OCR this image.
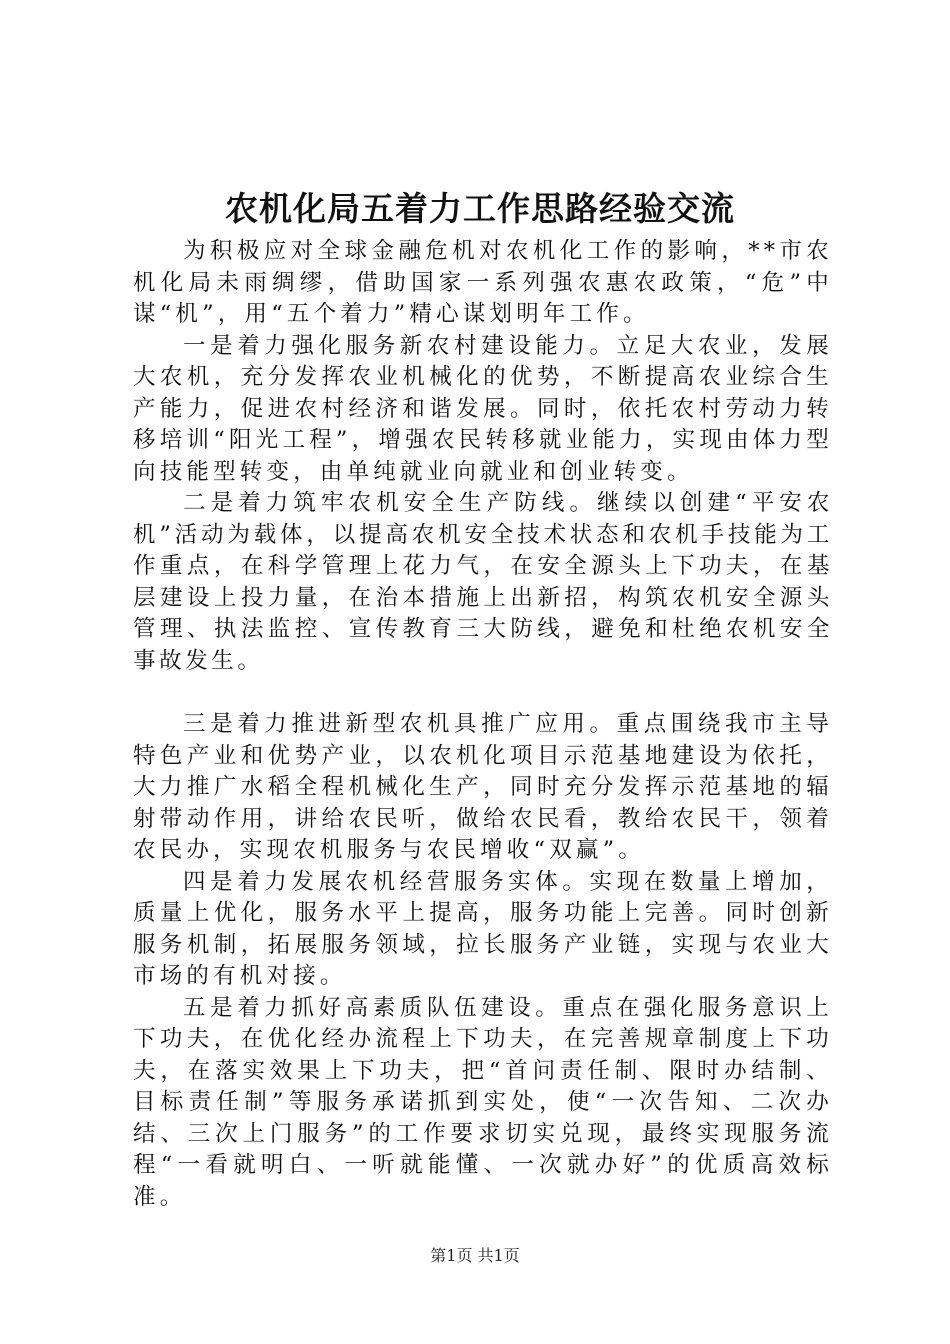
农机化局五着力工作思路经验交流

为积极应对全球金融危机对农机化工作的影响，**市农机化局未雨绸缪，借助国家一系列强农惠农政策，“危”中谋“机”，用“五个着力”精心谋划明年工作。

一是着力强化服务新农村建设能力。立足大农业，发展大农机，充分发挥农业机械化的优势，不断提高农业综合生产能力，促进农村经济和谐发展。同时，依托农村劳动力转移培训“阳光工程”，增强农民转移就业能力，实现由体力型向技能型转变，由单纯就业向就业和创业转变。

二是着力筑牢农机安全生产防线。继续以创建“平安农机”活动为载体，以提高农机安全技术状态和农机手技能为工作重点，在科学管理上花力气，在安全源头上下功夫，在基层建设上投力量，在治本措施上出新招，构筑农机安全源头管理、执法监控、宣传教育三大防线，避免和杜绝农机安全事故发生。

三是着力推进新型农机具推广应用。重点围绕我市主导特色产业和优势产业，以农机化项目示范基地建设为依托，大力推广水稻全程机械化生产，同时充分发挥示范基地的辐射带动作用，讲给农民听，做给农民看，教给农民干，领着农民办，实现农机服务与农民增收“双赢”。

四是着力发展农机经营服务实体。实现在数量上增加，质量上优化，服务水平上提高，服务功能上完善。同时创新服务机制，拓展服务领域，拉长服务产业链，实现与农业大市场的有机对接。

五是着力抓好高素质队伍建设。重点在强化服务意识上下功夫，在优化经办流程上下功夫，在完善规章制度上下功夫，在落实效果上下功夫，把“首问责任制、限时办结制、目标责任制”等服务承诺抓到实处，使“一次告知、二次办结、三次上门服务”的工作要求切实兑现，最终实现服务流程“一看就明白、一听就能懂、一次就办好”的优质高效标准。

第1页 共1页
